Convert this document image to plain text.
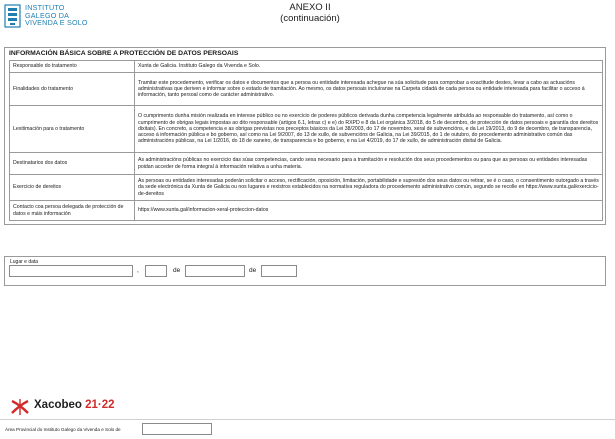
INSTITUTO
GALEGO DA
VIVENDA E SOLO
ANEXO II
(continuación)
INFORMACIÓN BÁSICA SOBRE A PROTECCIÓN DE DATOS PERSOAIS
Responsable do tratamento	Xunta de Galicia. Instituto Galego da Vivenda e Solo.
Finalidades do tratamento	Tramitar este procedemento, verificar os datos e documentos que a persoa ou entidade interesada achegue na súa solicitude para comprobar a exactitude destes, levar a cabo as actuacións administrativas que deriven e informar sobre o estado de tramitación. Ao mesmo, os datos persoais incluíranse na Carpeta cidadá de cada persoa ou entidade interesada para facilitar o acceso á información, tanto persoal como de carácter administrativo.
Lexitimación para o tratamento	O cumprimento dunha misión realizada en interese público ou no exercicio de poderes públicos derivada dunha competencia legalmente atribuída ao responsable do tratamento, así como o cumprimento de obrigas legais impostas ao dito responsable (artigos 6.1, letras c) e e) do RXPD e 8 da Lei orgánica 3/2018, do 5 de decembro, de protección de datos persoais e garantía dos dereitos dixitais). En concreto, a competencia e as obrigas previstas nos preceptos básicos da Lei 38/2003, do 17 de novembro, xeral de subvencións, e da Lei 19/2013, do 9 de decembro, de transparencia, acceso á información pública e bo goberno, así como na Lei 9/2007, do 13 de xullo, de subvencións de Galicia, na Lei 39/2015, do 1 de outubro, do procedemento administrativo común das administracións públicas, na Lei 1/2016, do 18 de xaneiro, de transparencia e bo goberno, e na Lei 4/2019, do 17 de xullo, de administración dixital de Galicia.
Destinatarios dos datos	As administracións públicas no exercicio das súas competencias, cando sexa necesario para a tramitación e resolución dos seus procedementos ou para que as persoas ou entidades interesadas poidan acceder de forma integral á información relativa a unha materia.
Exercicio de dereitos	As persoas ou entidades interesadas poderán solicitar o acceso, rectificación, oposición, limitación, portabilidade e supresión dos seus datos ou retirar, se é o caso, o consentimento outorgado a través da sede electrónica da Xunta de Galicia ou nos lugares e rexistros establecidos na normativa reguladora do procedemento administrativo común, segundo se recolle en https://www.xunta.gal/exercicio-de-dereitos
Contacto coa persoa delegada de protección de datos e máis información	https://www.xunta.gal/informacion-xeral-proteccion-datos
Lugar e data
,	de	de
Xacobeo 21·22
Área Provincial do Instituto Galego da Vivenda e Solo de
